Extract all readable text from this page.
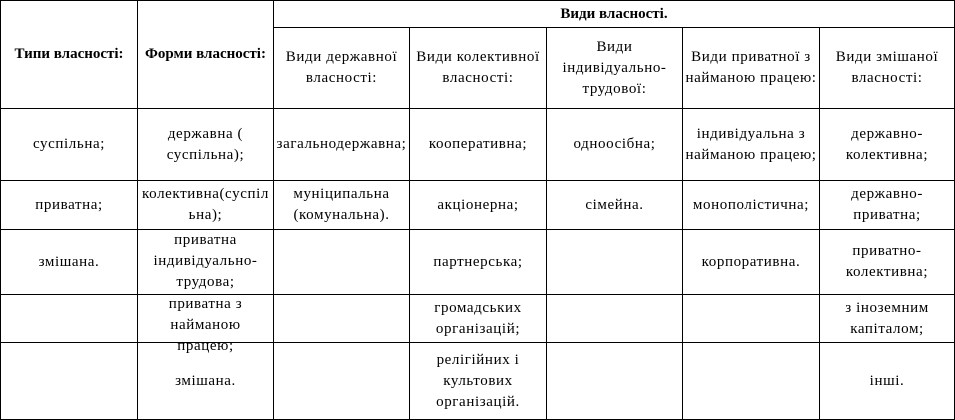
Типи власності:	Форми власності:	Види власності.				
		Види державної власності:	Види колективної власності:	Види індивідуально-трудової:	Види приватної з найманою працею:	Види змішаної власності:
суспільна;	державна ( суспільна);	загальнодержавна;	кооперативна;	одноосібна;	індивідуальна з найманою працею;	державно-колективна;
приватна;	колективна(суспільна);	муніципальна (комунальна).	акціонерна;	сімейна.	монополістична;	державно-приватна;
змішана.	приватна індивідуально-трудова;		партнерська;		корпоративна.	приватно-колективна;

	приватна з найманою працею;		громадських організацій;			з іноземним капіталом;
	змішана.		релігійних і культових організацій.			інші.
